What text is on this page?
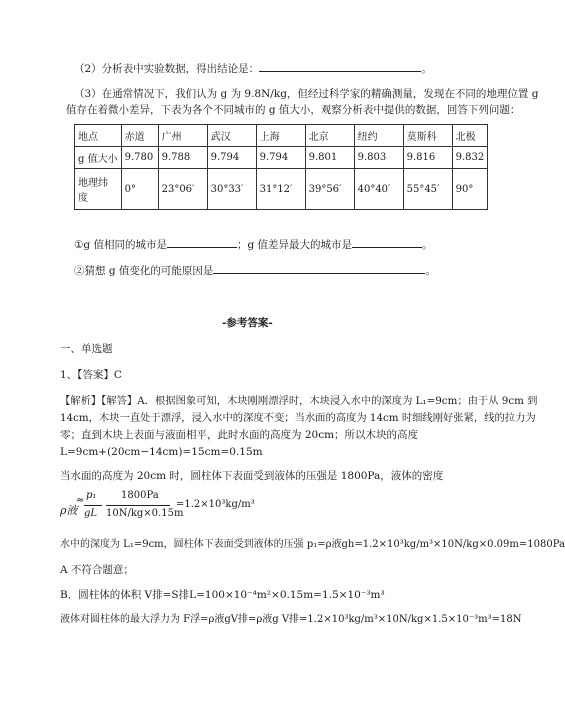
（2）分析表中实验数据，得出结论是：	。
（3）在通常情况下，我们认为 g 为 9.8N/kg，但经过科学家的精确测量，发现在不同的地理位置 g
值存在着微小差异，下表为各个不同城市的 g 值大小，观察分析表中提供的数据，回答下列问题：
地点	赤道	广州	武汉	上海	北京	纽约	莫斯科	北极
g 值大小	9.780	9.788	9.794	9.794	9.801	9.803	9.816	9.832
地理纬度	0°	23°06′	30°33′	31°12′	39°56′	40°40′	55°45′	90°
①g 值相同的城市是	；g 值差异最大的城市是	。
②猜想 g 值变化的可能原因是	。
-参考答案-
一、单选题
1、【答案】C
【解析】【解答】A．根据图象可知，木块刚刚漂浮时，木块浸入水中的深度为 L₁=9cm；由于从 9cm 到
14cm，木块一直处于漂浮，浸入水中的深度不变；当水面的高度为 14cm 时细线刚好张紧，线的拉力为
零；直到木块上表面与液面相平，此时水面的高度为 20cm；所以木块的高度
L=9cm+(20cm−14cm)=15cm=0.15m
当水面的高度为 20cm 时，圆柱体下表面受到液体的压强是 1800Pa，液体的密度
ρ液
≈ p₁
gL
1800Pa
10N/kg×0.15m
=1.2×10³kg/m³
水中的深度为 L₁=9cm，圆柱体下表面受到液体的压强 p₁=ρ液gh=1.2×10³kg/m³×10N/kg×0.09m=1080Pa
A 不符合题意；
B．圆柱体的体积 V排=S排L=100×10⁻⁴m²×0.15m=1.5×10⁻³m³
液体对圆柱体的最大浮力为 F浮=ρ液gV排=ρ液g V排=1.2×10³kg/m³×10N/kg×1.5×10⁻³m³=18N
